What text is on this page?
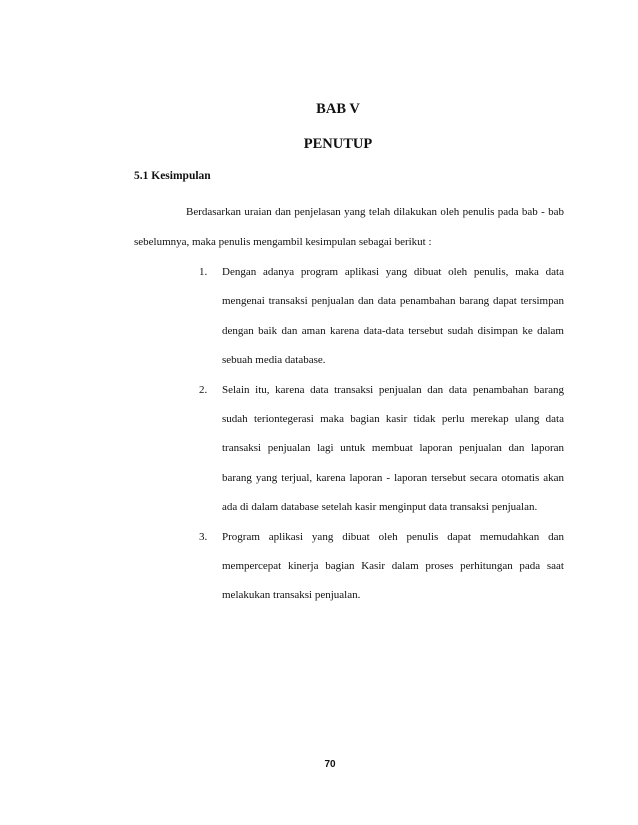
BAB V
PENUTUP
5.1 Kesimpulan

Berdasarkan uraian dan penjelasan yang telah dilakukan oleh penulis pada bab - bab sebelumnya, maka penulis mengambil kesimpulan sebagai berikut :

1. Dengan adanya program aplikasi yang dibuat oleh penulis, maka data mengenai transaksi penjualan dan data penambahan barang dapat tersimpan dengan baik dan aman karena data-data tersebut sudah disimpan ke dalam sebuah media database.
2. Selain itu, karena data transaksi penjualan dan data penambahan barang sudah teriontegerasi maka bagian kasir tidak perlu merekap ulang data transaksi penjualan lagi untuk membuat laporan penjualan dan laporan barang yang terjual, karena laporan - laporan tersebut secara otomatis akan ada di dalam database setelah kasir menginput data transaksi penjualan.
3. Program aplikasi yang dibuat oleh penulis dapat memudahkan dan mempercepat kinerja bagian Kasir dalam proses perhitungan pada saat melakukan transaksi penjualan.
70
